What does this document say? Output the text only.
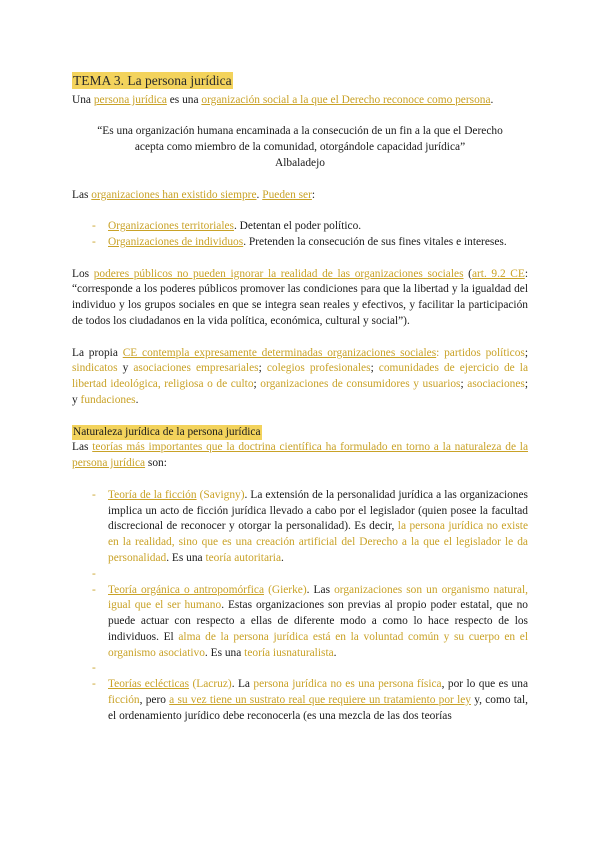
TEMA 3. La persona jurídica

Una persona jurídica es una organización social a la que el Derecho reconoce como persona.

“Es una organización humana encaminada a la consecución de un fin a la que el Derecho acepta como miembro de la comunidad, otorgándole capacidad jurídica”

Albaladejo

Las organizaciones han existido siempre. Pueden ser:

- Organizaciones territoriales. Detentan el poder político.
- Organizaciones de individuos. Pretenden la consecución de sus fines vitales e intereses.

Los poderes públicos no pueden ignorar la realidad de las organizaciones sociales (art. 9.2 CE: “corresponde a los poderes públicos promover las condiciones para que la libertad y la igualdad del individuo y los grupos sociales en que se integra sean reales y efectivos, y facilitar la participación de todos los ciudadanos en la vida política, económica, cultural y social”).

La propia CE contempla expresamente determinadas organizaciones sociales: partidos políticos; sindicatos y asociaciones empresariales; colegios profesionales; comunidades de ejercicio de la libertad ideológica, religiosa o de culto; organizaciones de consumidores y usuarios; asociaciones; y fundaciones.

Naturaleza jurídica de la persona jurídica

Las teorías más importantes que la doctrina científica ha formulado en torno a la naturaleza de la persona jurídica son:

- Teoría de la ficción (Savigny). La extensión de la personalidad jurídica a las organizaciones implica un acto de ficción jurídica llevado a cabo por el legislador (quien posee la facultad discrecional de reconocer y otorgar la personalidad). Es decir, la persona jurídica no existe en la realidad, sino que es una creación artificial del Derecho a la que el legislador le da personalidad. Es una teoría autoritaria.
-
- Teoría orgánica o antropomórfica (Gierke). Las organizaciones son un organismo natural, igual que el ser humano. Estas organizaciones son previas al propio poder estatal, que no puede actuar con respecto a ellas de diferente modo a como lo hace respecto de los individuos. El alma de la persona jurídica está en la voluntad común y su cuerpo en el organismo asociativo. Es una teoría iusnaturalista.
-
- Teorías eclécticas (Lacruz). La persona jurídica no es una persona física, por lo que es una ficción, pero a su vez tiene un sustrato real que requiere un tratamiento por ley y, como tal, el ordenamiento jurídico debe reconocerla (es una mezcla de las dos teorías
